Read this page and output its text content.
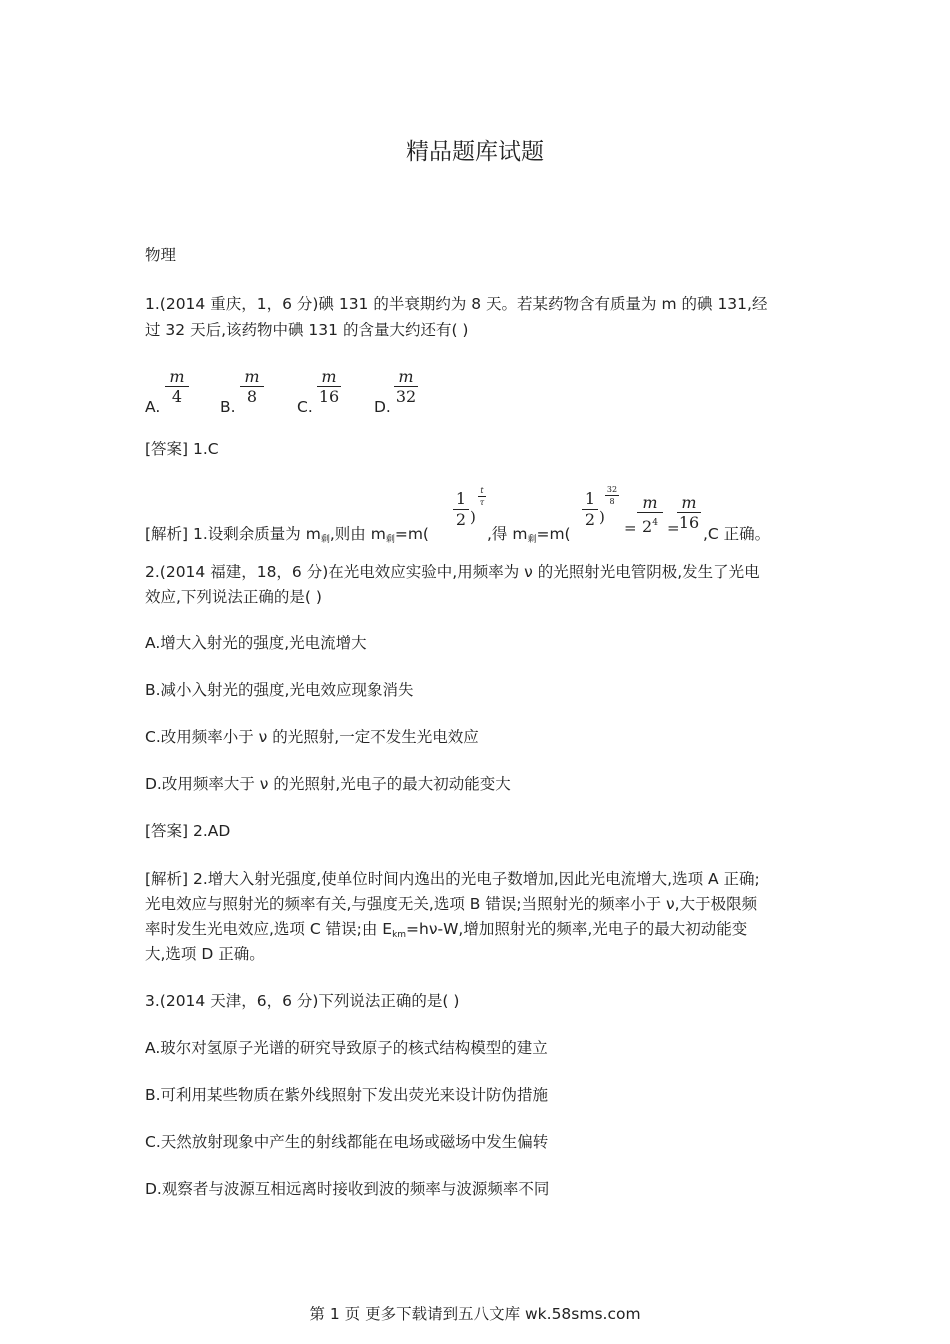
精品题库试题
物理
1.(2014 重庆，1，6 分)碘 131 的半衰期约为 8 天。若某药物含有质量为 m 的碘 131,经
过 32 天后,该药物中碘 131 的含量大约还有( )
A.
m
4
B.
m
8
C.
m
16
D.
m
32
[答案] 1.C
[解析] 1.设剩余质量为 $m_剩$,则由 $m_剩=m$(
1
2 )
t
τ
,得 $m_剩=m$(
1
2 )
32
8
=
m
$2^4$ =
m
16
,C 正确。
2.(2014 福建，18，6 分)在光电效应实验中,用频率为 ν 的光照射光电管阴极,发生了光电
效应,下列说法正确的是( )
A.增大入射光的强度,光电流增大
B.减小入射光的强度,光电效应现象消失
C.改用频率小于 ν 的光照射,一定不发生光电效应
D.改用频率大于 ν 的光照射,光电子的最大初动能变大
[答案] 2.AD
[解析] 2.增大入射光强度,使单位时间内逸出的光电子数增加,因此光电流增大,选项 A 正确;
光电效应与照射光的频率有关,与强度无关,选项 B 错误;当照射光的频率小于 ν,大于极限频
率时发生光电效应,选项 C 错误;由 $E_{km}=h\nu-W$,增加照射光的频率,光电子的最大初动能变
大,选项 D 正确。
3.(2014 天津，6，6 分)下列说法正确的是( )
A.玻尔对氢原子光谱的研究导致原子的核式结构模型的建立
B.可利用某些物质在紫外线照射下发出荧光来设计防伪措施
C.天然放射现象中产生的射线都能在电场或磁场中发生偏转
D.观察者与波源互相远离时接收到波的频率与波源频率不同
第 1 页 更多下载请到五八文库 wk.58sms.com
